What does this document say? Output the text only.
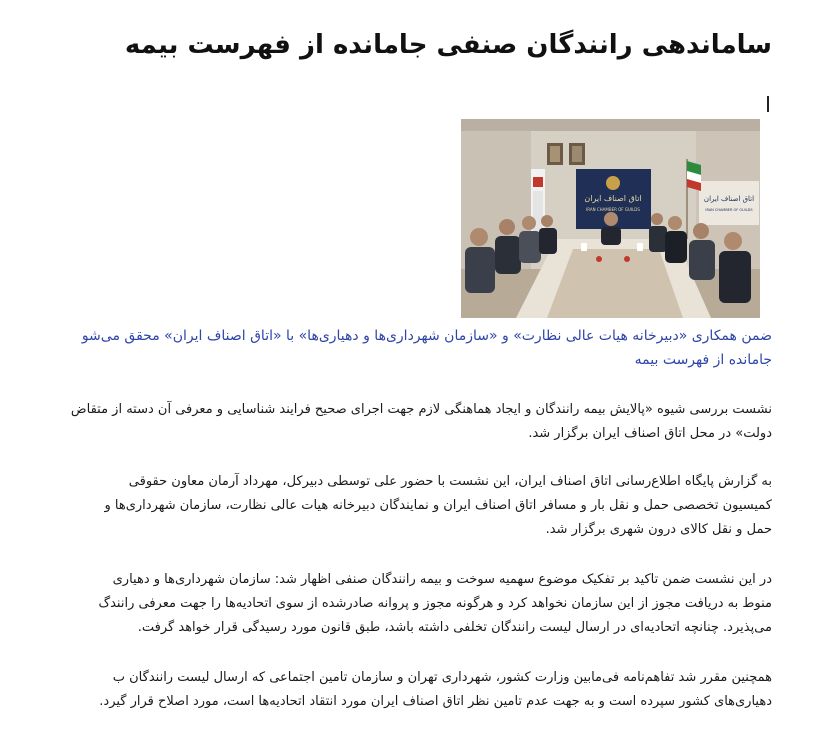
ساماندهی رانندگان صنفی جامانده از فهرست بیمه
اتاق اصناف ایران
IRAN CHAMBER OF GUILDS
اتاق اصناف ایران
IRAN CHAMBER OF GUILDS

ضمن همکاری «دبیرخانه هیات عالی نظارت» و «سازمان شهرداری‌ها و دهیاری‌ها» با «اتاق اصناف ایران» محقق می‌شو
جامانده از فهرست بیمه

نشست بررسی شیوه «پالایش بیمه رانندگان و ایجاد هماهنگی لازم جهت اجرای صحیح فرایند شناسایی و معرفی آن دسته از متقاض
دولت» در محل اتاق اصناف ایران برگزار شد.

به گزارش پایگاه اطلاع‌رسانی اتاق اصناف ایران، این نشست با حضور علی توسطی دبیرکل، مهرداد آرمان معاون حقوقی
کمیسیون تخصصی حمل و نقل بار و مسافر اتاق اصناف ایران و نمایندگان دبیرخانه هیات عالی نظارت، سازمان شهرداری‌ها و
حمل و نقل کالای درون شهری برگزار شد.

در این نشست ضمن تاکید بر تفکیک موضوع سهمیه سوخت و بیمه رانندگان صنفی اظهار شد: سازمان شهرداری‌ها و دهیاری‌
منوط به دریافت مجوز از این سازمان نخواهد کرد و هرگونه مجوز و پروانه صادرشده از سوی اتحادیه‌ها را جهت معرفی رانندگ
می‌پذیرد. چنانچه اتحادیه‌ای در ارسال لیست رانندگان تخلفی داشته باشد، طبق قانون مورد رسیدگی قرار خواهد گرفت.

همچنین مقرر شد تفاهم‌نامه فی‌مابین وزارت کشور، شهرداری تهران و سازمان تامین اجتماعی که ارسال لیست رانندگان ب
دهیاری‌های کشور سپرده است و به جهت عدم تامین نظر اتاق اصناف ایران مورد انتقاد اتحادیه‌ها است، مورد اصلاح قرار گیرد.
